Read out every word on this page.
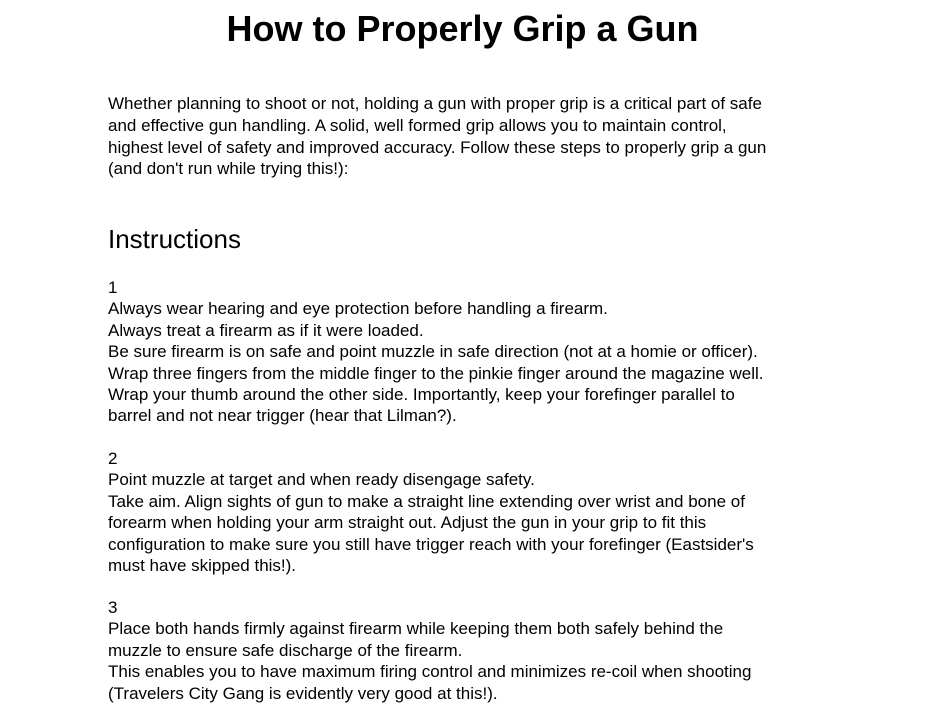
How to Properly Grip a Gun

Whether planning to shoot or not, holding a gun with proper grip is a critical part of safe
and effective gun handling. A solid, well formed grip allows you to maintain control,
highest level of safety and improved accuracy. Follow these steps to properly grip a gun
(and don't run while trying this!):

Instructions
1
Always wear hearing and eye protection before handling a firearm.
Always treat a firearm as if it were loaded.
Be sure firearm is on safe and point muzzle in safe direction (not at a homie or officer).
Wrap three fingers from the middle finger to the pinkie finger around the magazine well.
Wrap your thumb around the other side. Importantly, keep your forefinger parallel to
barrel and not near trigger (hear that Lilman?).
2
Point muzzle at target and when ready disengage safety.
Take aim. Align sights of gun to make a straight line extending over wrist and bone of
forearm when holding your arm straight out. Adjust the gun in your grip to fit this
configuration to make sure you still have trigger reach with your forefinger (Eastsider's
must have skipped this!).
3
Place both hands firmly against firearm while keeping them both safely behind the
muzzle to ensure safe discharge of the firearm.
This enables you to have maximum firing control and minimizes re-coil when shooting
(Travelers City Gang is evidently very good at this!).
